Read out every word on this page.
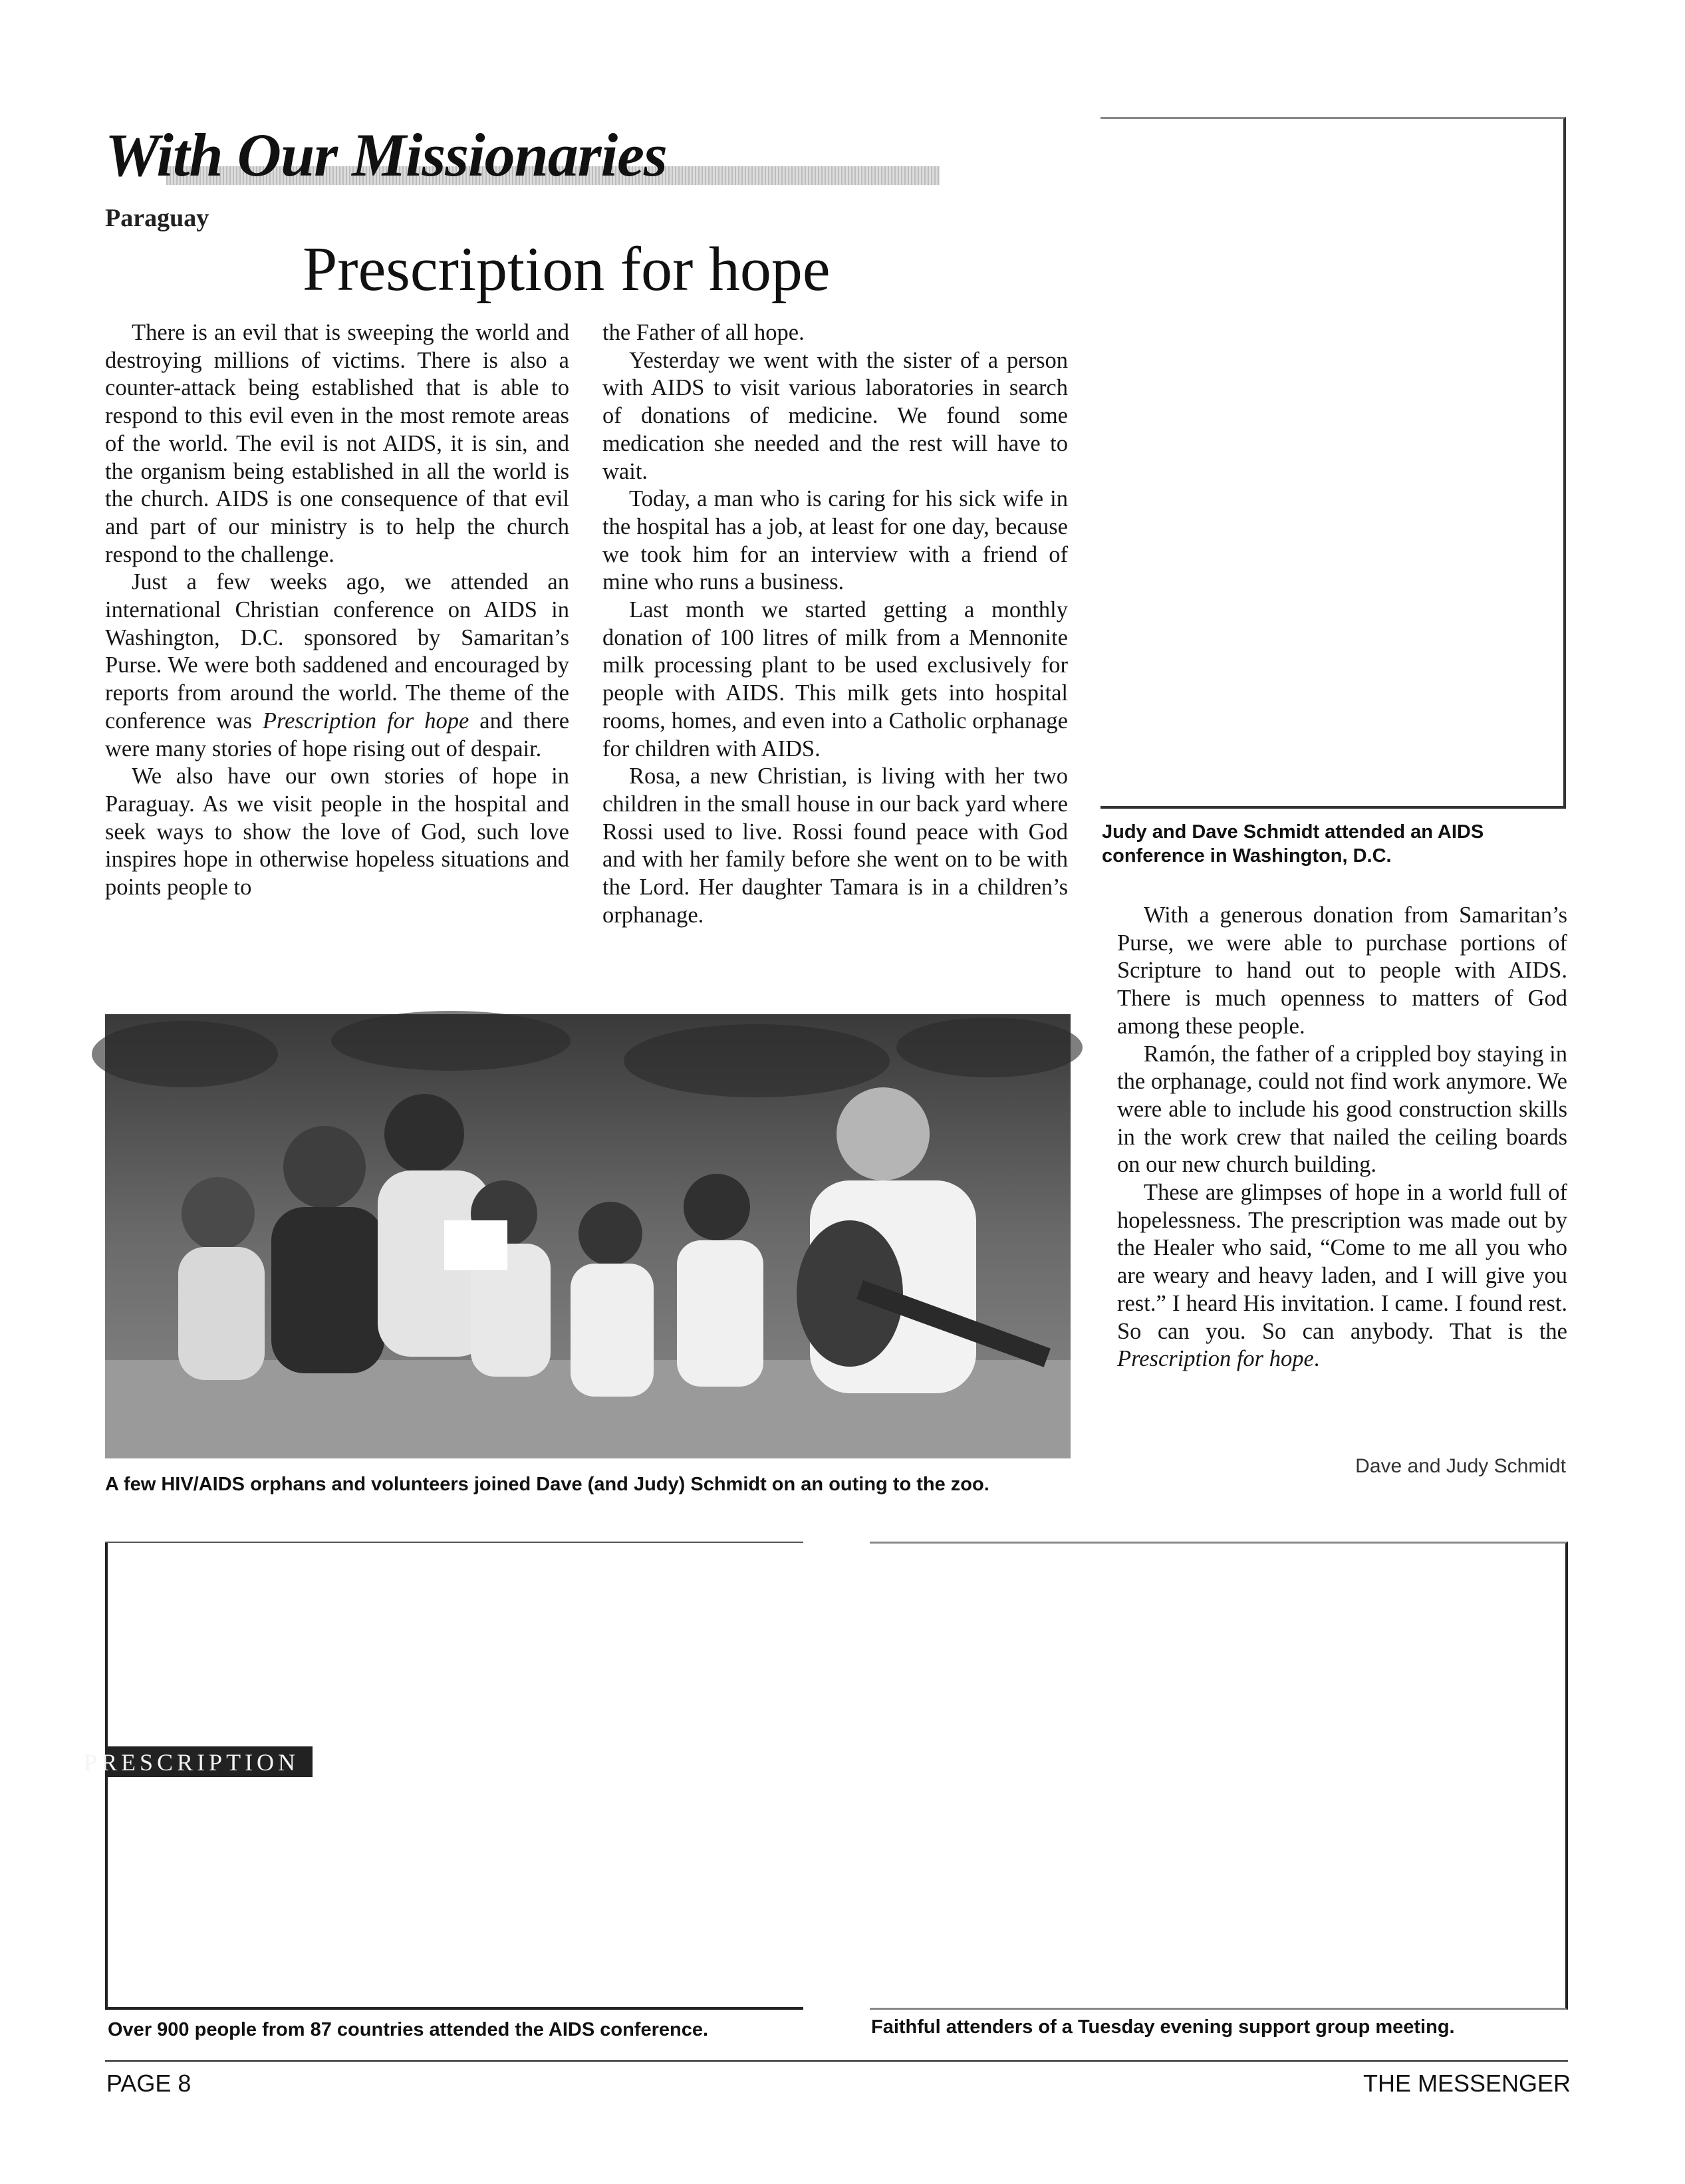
With Our Missionaries
Paraguay
Prescription for hope

There is an evil that is sweeping the world and destroying millions of victims. There is also a counter-attack being established that is able to respond to this evil even in the most remote areas of the world. The evil is not AIDS, it is sin, and the organism being established in all the world is the church. AIDS is one consequence of that evil and part of our ministry is to help the church respond to the challenge.

Just a few weeks ago, we attended an international Christian conference on AIDS in Washington, D.C. sponsored by Samaritan’s Purse. We were both saddened and encouraged by reports from around the world. The theme of the conference was Prescription for hope and there were many stories of hope rising out of despair.

We also have our own stories of hope in Paraguay. As we visit people in the hospital and seek ways to show the love of God, such love inspires hope in otherwise hopeless situations and points people to

the Father of all hope.

Yesterday we went with the sister of a person with AIDS to visit various laboratories in search of donations of medicine. We found some medication she needed and the rest will have to wait.

Today, a man who is caring for his sick wife in the hospital has a job, at least for one day, because we took him for an interview with a friend of mine who runs a business.

Last month we started getting a monthly donation of 100 litres of milk from a Mennonite milk processing plant to be used exclusively for people with AIDS. This milk gets into hospital rooms, homes, and even into a Catholic orphanage for children with AIDS.

Rosa, a new Christian, is living with her two children in the small house in our back yard where Rossi used to live. Rossi found peace with God and with her family before she went on to be with the Lord. Her daughter Tamara is in a children’s orphanage.

Judy and Dave Schmidt attended an AIDS conference in Washington, D.C.

With a generous donation from Samaritan’s Purse, we were able to purchase portions of Scripture to hand out to people with AIDS. There is much openness to matters of God among these people.

Ramón, the father of a crippled boy staying in the orphanage, could not find work anymore. We were able to include his good construction skills in the work crew that nailed the ceiling boards on our new church building.

These are glimpses of hope in a world full of hopelessness. The prescription was made out by the Healer who said, “Come to me all you who are weary and heavy laden, and I will give you rest.” I heard His invitation. I came. I found rest. So can you. So can anybody. That is the Prescription for hope.

Dave and Judy Schmidt
A few HIV/AIDS orphans and volunteers joined Dave (and Judy) Schmidt on an outing to the zoo.
PRESCRIPTION
Over 900 people from 87 countries attended the AIDS conference.	Faithful attenders of a Tuesday evening support group meeting.
PAGE 8	THE MESSENGER
